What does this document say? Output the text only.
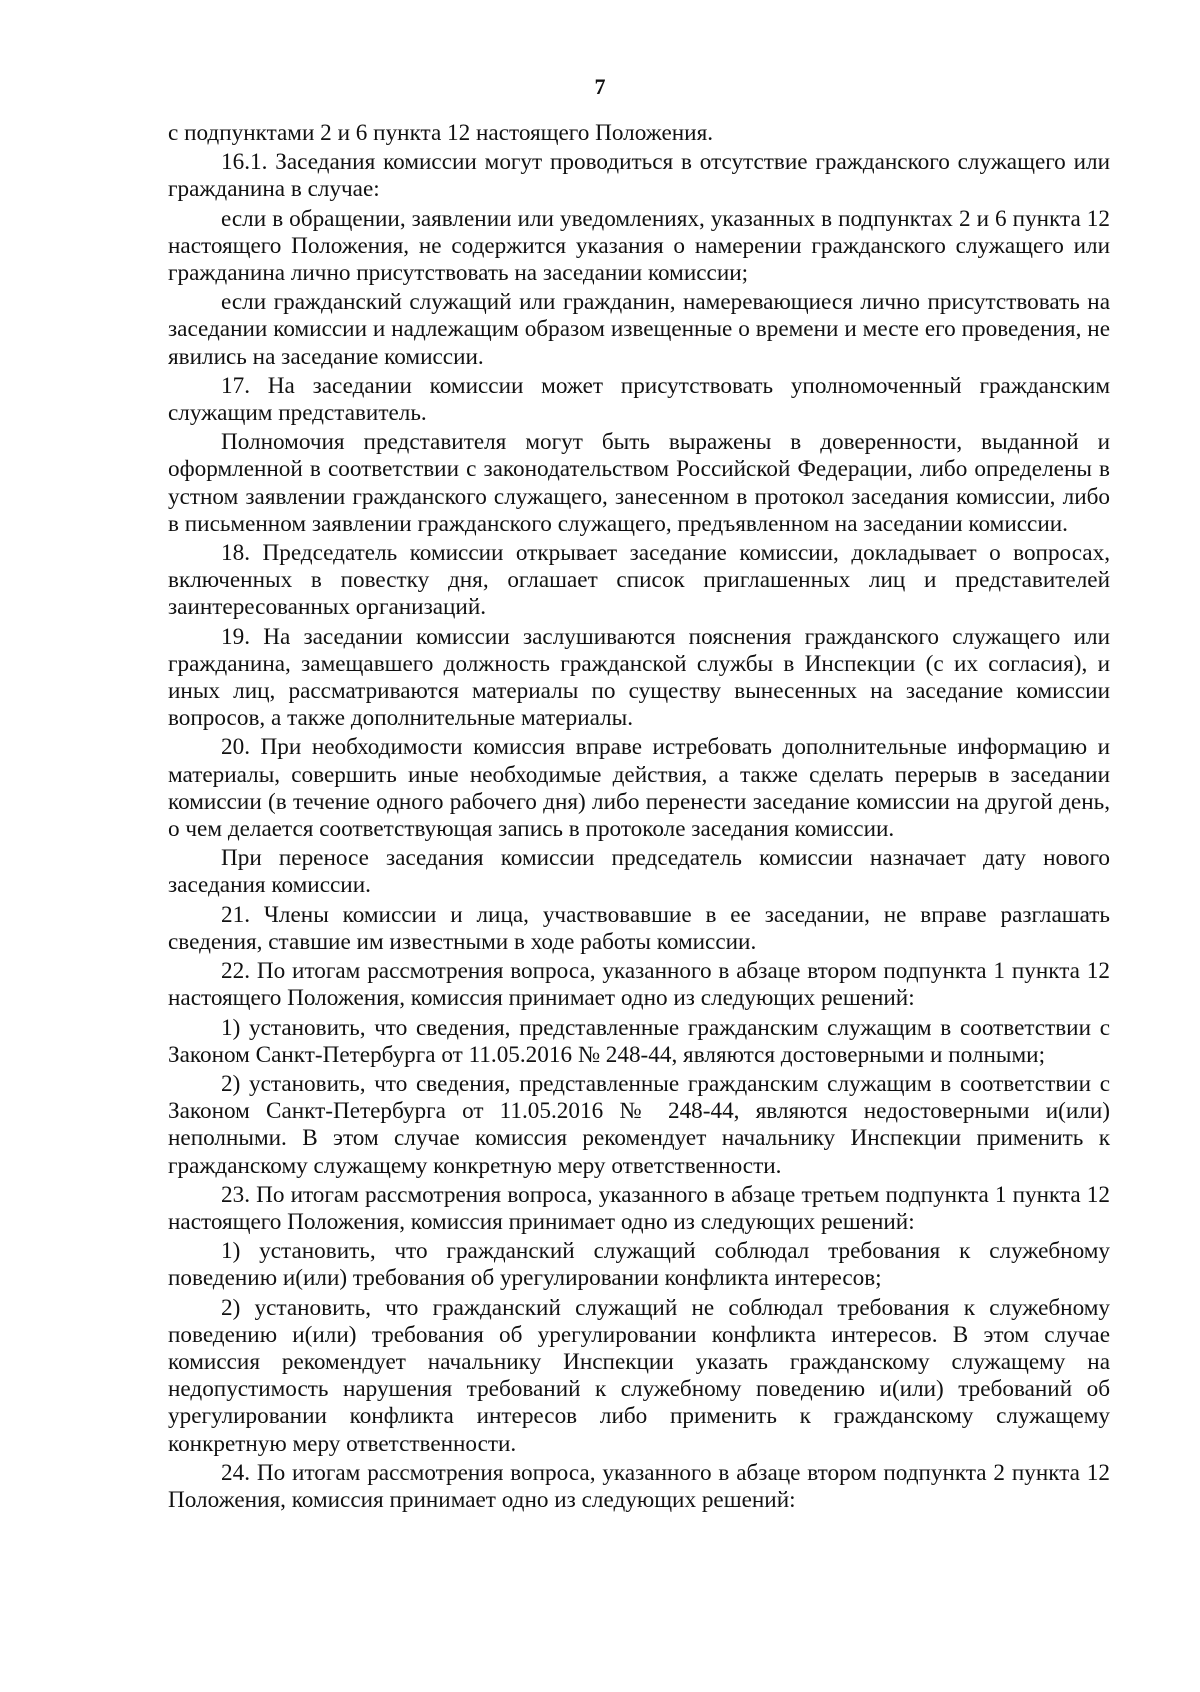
7

с подпунктами 2 и 6 пункта 12 настоящего Положения.

16.1. Заседания комиссии могут проводиться в отсутствие гражданского служащего или гражданина в случае:

если в обращении, заявлении или уведомлениях, указанных в подпунктах 2 и 6 пункта 12 настоящего Положения, не содержится указания о намерении гражданского служащего или гражданина лично присутствовать на заседании комиссии;

если гражданский служащий или гражданин, намеревающиеся лично присутствовать на заседании комиссии и надлежащим образом извещенные о времени и месте его проведения, не явились на заседание комиссии.

17. На заседании комиссии может присутствовать уполномоченный гражданским служащим представитель.

Полномочия представителя могут быть выражены в доверенности, выданной и оформленной в соответствии с законодательством Российской Федерации, либо определены в устном заявлении гражданского служащего, занесенном в протокол заседания комиссии, либо в письменном заявлении гражданского служащего, предъявленном на заседании комиссии.

18. Председатель комиссии открывает заседание комиссии, докладывает о вопросах, включенных в повестку дня, оглашает список приглашенных лиц и представителей заинтересованных организаций.

19. На заседании комиссии заслушиваются пояснения гражданского служащего или гражданина, замещавшего должность гражданской службы в Инспекции (с их согласия), и иных лиц, рассматриваются материалы по существу вынесенных на заседание комиссии вопросов, а также дополнительные материалы.

20. При необходимости комиссия вправе истребовать дополнительные информацию и материалы, совершить иные необходимые действия, а также сделать перерыв в заседании комиссии (в течение одного рабочего дня) либо перенести заседание комиссии на другой день, о чем делается соответствующая запись в протоколе заседания комиссии.

При переносе заседания комиссии председатель комиссии назначает дату нового заседания комиссии.

21. Члены комиссии и лица, участвовавшие в ее заседании, не вправе разглашать сведения, ставшие им известными в ходе работы комиссии.

22. По итогам рассмотрения вопроса, указанного в абзаце втором подпункта 1 пункта 12 настоящего Положения, комиссия принимает одно из следующих решений:

1) установить, что сведения, представленные гражданским служащим в соответствии с Законом Санкт-Петербурга от 11.05.2016 № 248-44, являются достоверными и полными;

2) установить, что сведения, представленные гражданским служащим в соответствии с Законом Санкт-Петербурга от 11.05.2016 № 248-44, являются недостоверными и(или) неполными. В этом случае комиссия рекомендует начальнику Инспекции применить к гражданскому служащему конкретную меру ответственности.

23. По итогам рассмотрения вопроса, указанного в абзаце третьем подпункта 1 пункта 12 настоящего Положения, комиссия принимает одно из следующих решений:

1) установить, что гражданский служащий соблюдал требования к служебному поведению и(или) требования об урегулировании конфликта интересов;

2) установить, что гражданский служащий не соблюдал требования к служебному поведению и(или) требования об урегулировании конфликта интересов. В этом случае комиссия рекомендует начальнику Инспекции указать гражданскому служащему на недопустимость нарушения требований к служебному поведению и(или) требований об урегулировании конфликта интересов либо применить к гражданскому служащему конкретную меру ответственности.

24. По итогам рассмотрения вопроса, указанного в абзаце втором подпункта 2 пункта 12 Положения, комиссия принимает одно из следующих решений:
